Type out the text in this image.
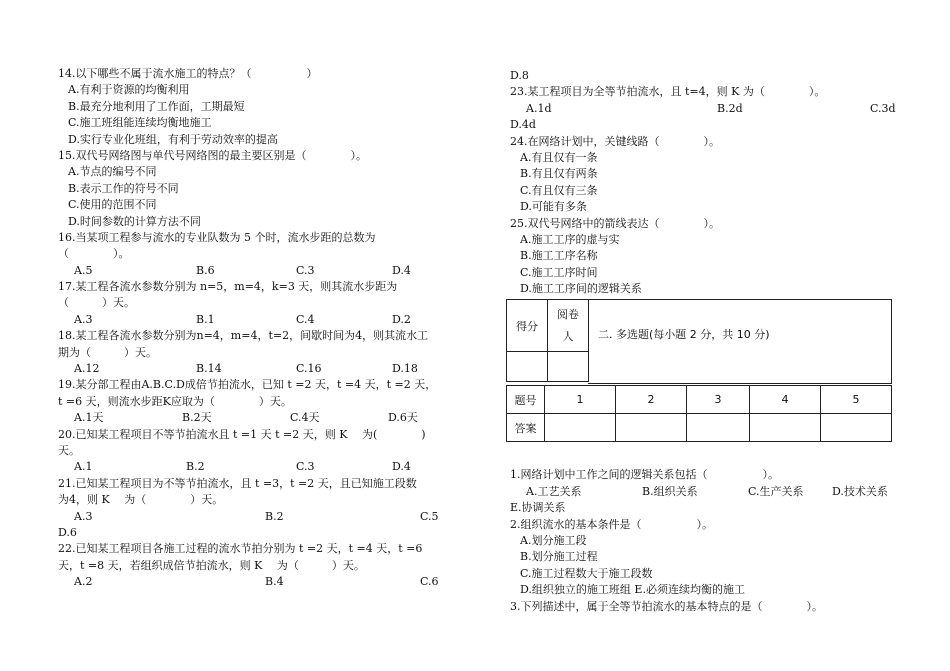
14.以下哪些不属于流水施工的特点？（　　　　　）
A.有利于资源的均衡利用
B.最充分地利用了工作面，工期最短
C.施工班组能连续均衡地施工
D.实行专业化班组，有利于劳动效率的提高
15.双代号网络图与单代号网络图的最主要区别是（　　　　）。
A.节点的编号不同
B.表示工作的符号不同
C.使用的范围不同
D.时间参数的计算方法不同
16.当某项工程参与流水的专业队数为 5 个时，流水步距的总数为
（　　　　）。
A.5	B.6	C.3	D.4
17.某工程各流水参数分别为 n=5，m=4，k=3 天，则其流水步距为
（　　　）天。
A.3	B.1	C.4	D.2
18.某工程各流水参数分别为n=4，m=4，t=2，间歇时间为4，则其流水工
期为（　　　）天。
A.12	B.14	C.16	D.18
19.某分部工程由A.B.C.D成倍节拍流水，已知 t =2 天，t =4 天，t =2 天，
t =6 天，则流水步距K应取为（　　　　）天。
A.1天	B.2天	C.4天	D.6天
20.已知某工程项目不等节拍流水且 t =1 天 t =2 天，则 K 　为(　　　　)
天。
A.1	B.2	C.3	D.4
21.已知某工程项目为不等节拍流水，且 t =3，t =2 天，且已知施工段数
为4，则 K 　为（　　　　）天。
A.3	B.2	C.5
D.6
22.已知某工程项目各施工过程的流水节拍分别为 t =2 天，t =4 天，t =6
天，t =8 天，若组织成倍节拍流水，则 K 　为（　　　）天。
A.2	B.4	C.6
D.8
23.某工程项目为全等节拍流水，且 t=4，则 K 为（　　　　）。
A.1d	B.2d	C.3d
D.4d
24.在网络计划中，关键线路（　　　　）。
A.有且仅有一条
B.有且仅有两条
C.有且仅有三条
D.可能有多条
25.双代号网络中的箭线表达（　　　　）。
A.施工工序的虚与实
B.施工工序名称
C.施工工序时间
D.施工工序间的逻辑关系
得分	阅卷
人
	二. 多选题(每小题 2 分，共 10 分)
题号	1	2	3	4	5
答案					
1.网络计划中工作之间的逻辑关系包括（　　　　　）。
A.工艺关系	B.组织关系	C.生产关系	D.技术关系
E.协调关系
2.组织流水的基本条件是（　　　　　）。
A.划分施工段
B.划分施工过程
C.施工过程数大于施工段数
D.组织独立的施工班组 E.必须连续均衡的施工
3.下列描述中，属于全等节拍流水的基本特点的是（　　　　）。
